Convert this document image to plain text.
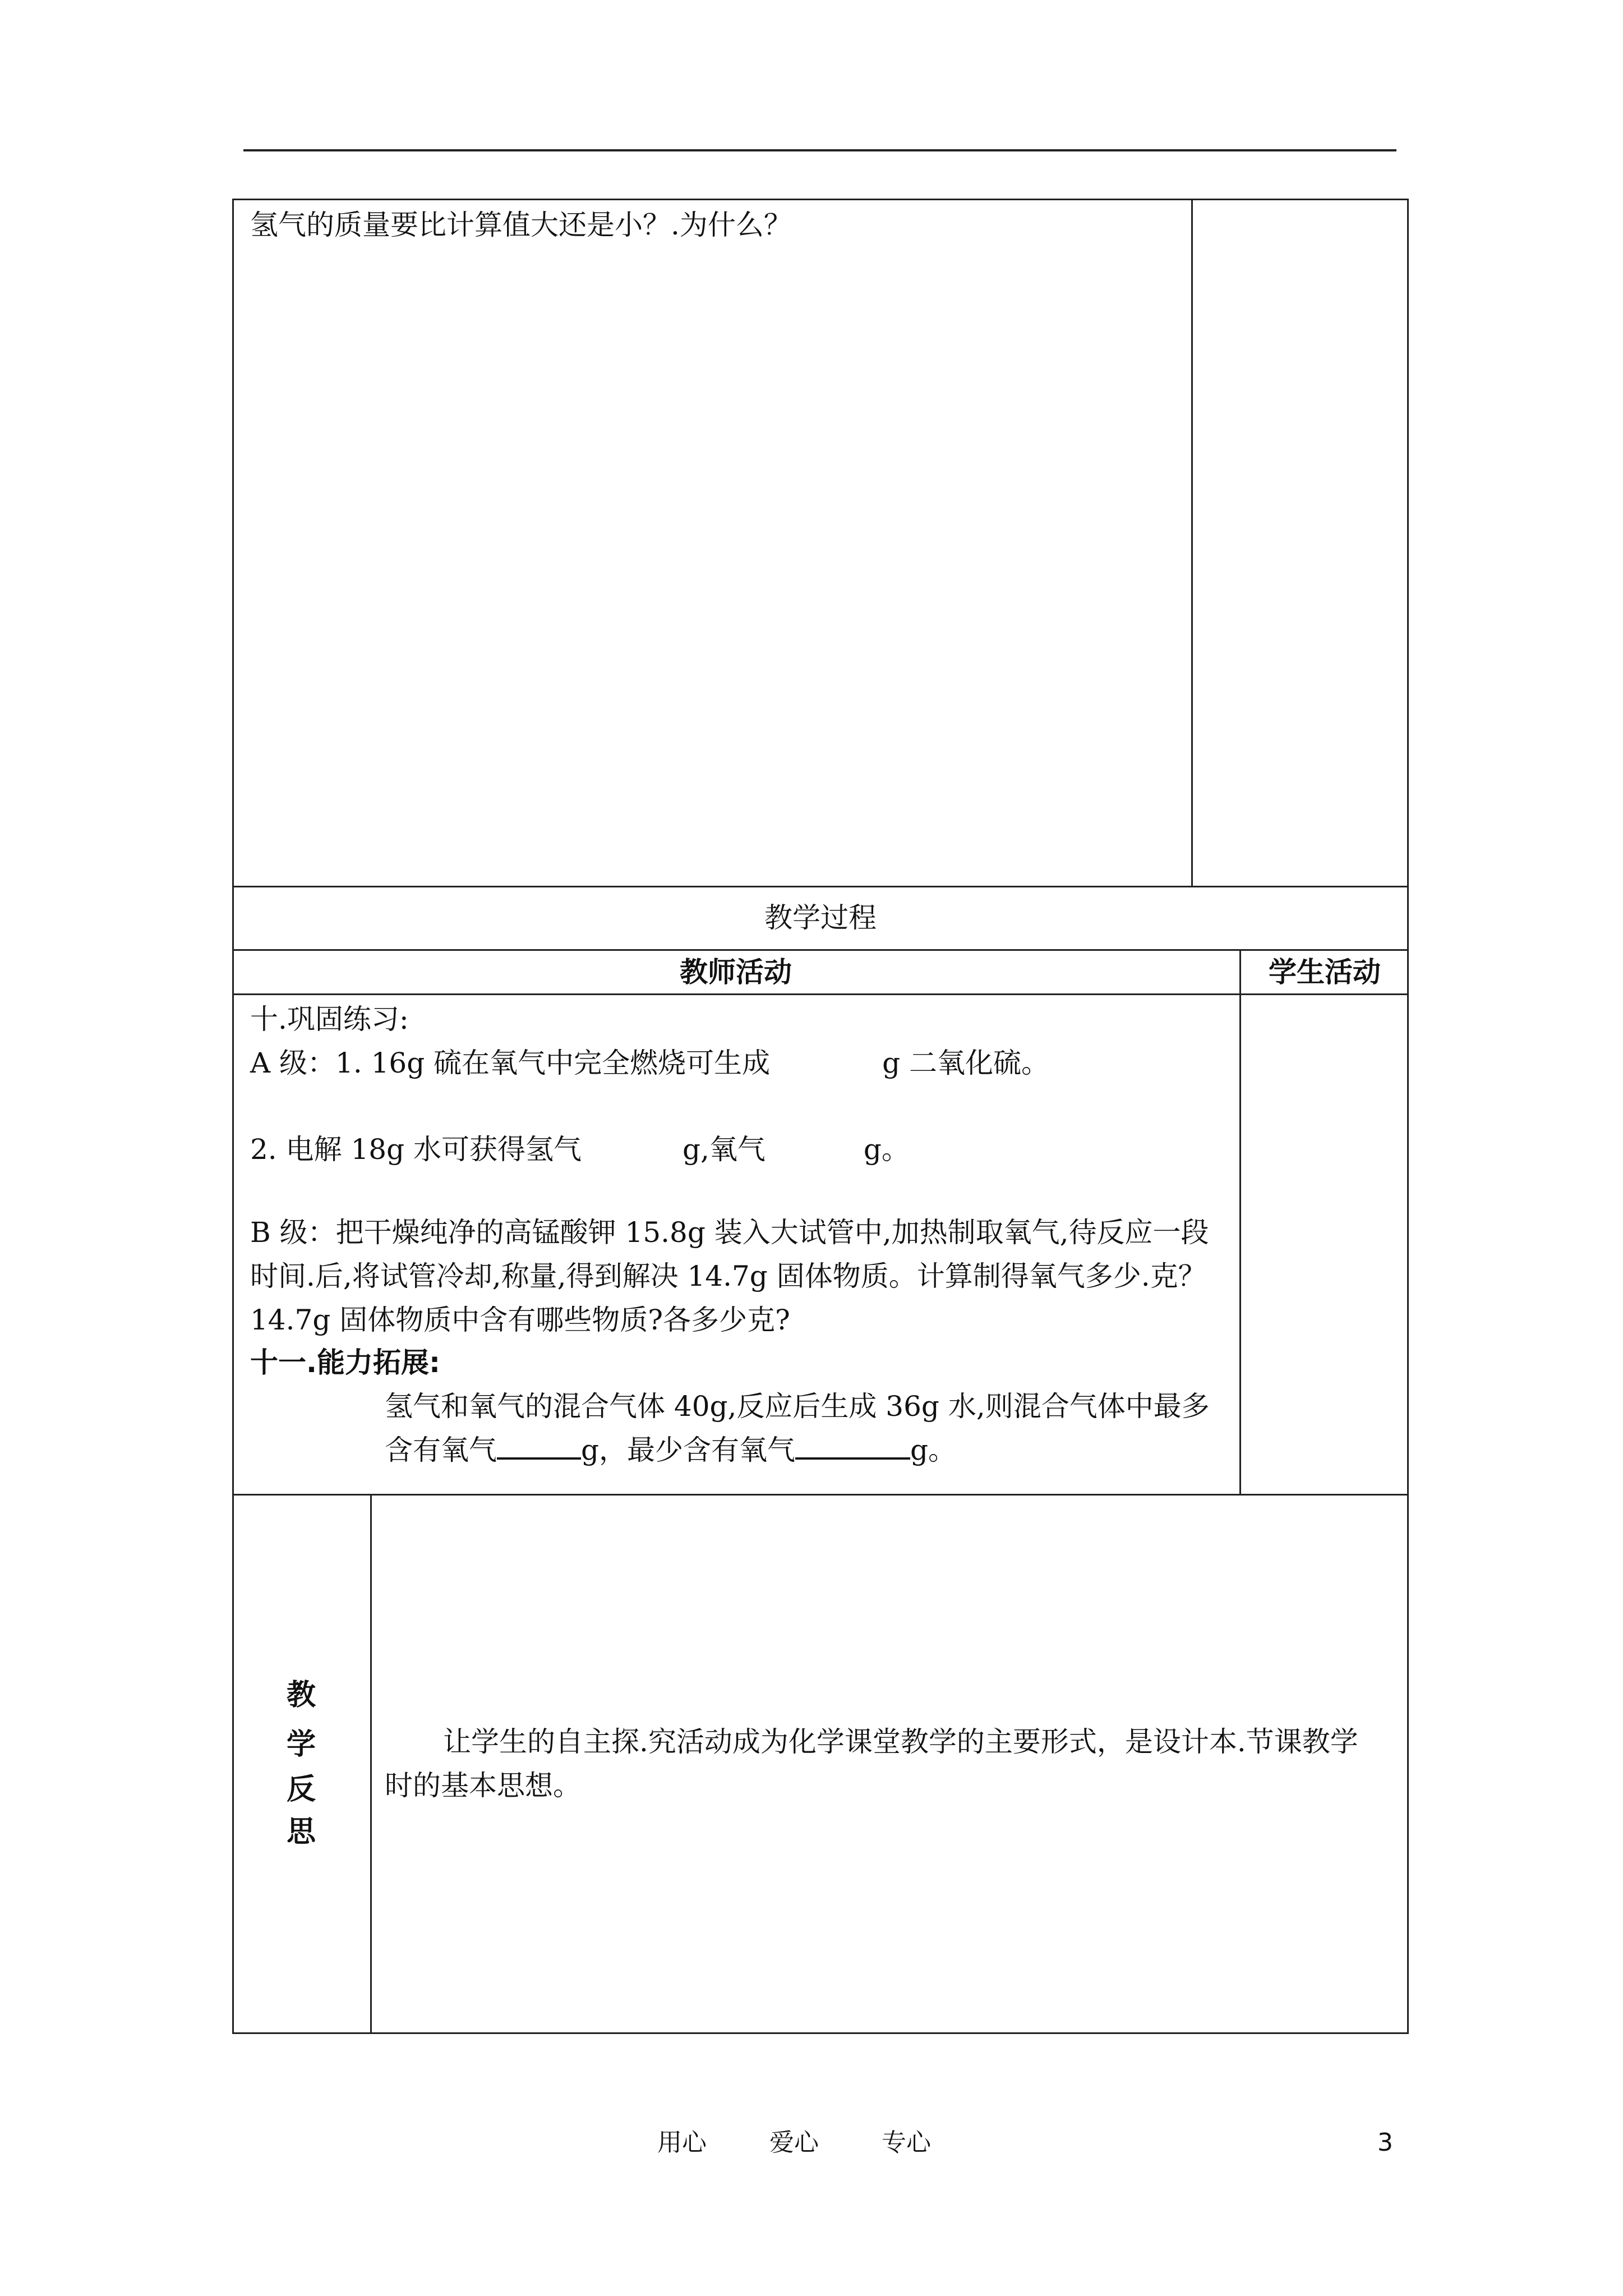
氢气的质量要比计算值大还是小？.为什么？
教学过程
教师活动	学生活动
十.巩固练习:
A 级：1. 16g 硫在氧气中完全燃烧可生成	g 二氧化硫。
2. 电解 18g 水可获得氢气	g,氧气	g。
B 级：把干燥纯净的高锰酸钾 15.8g 装入大试管中,加热制取氧气,待反应一段
时间.后,将试管冷却,称量,得到解决 14.7g 固体物质。计算制得氧气多少.克？
14.7g 固体物质中含有哪些物质?各多少克?
十一.能力拓展:
氢气和氧气的混合气体 40g,反应后生成 36g 水,则混合气体中最多
含有氧气	g，最少含有氧气	g。
教
学
反
思
让学生的自主探.究活动成为化学课堂教学的主要形式，是设计本.节课教学
时的基本思想。
用心	爱心	专心	3
